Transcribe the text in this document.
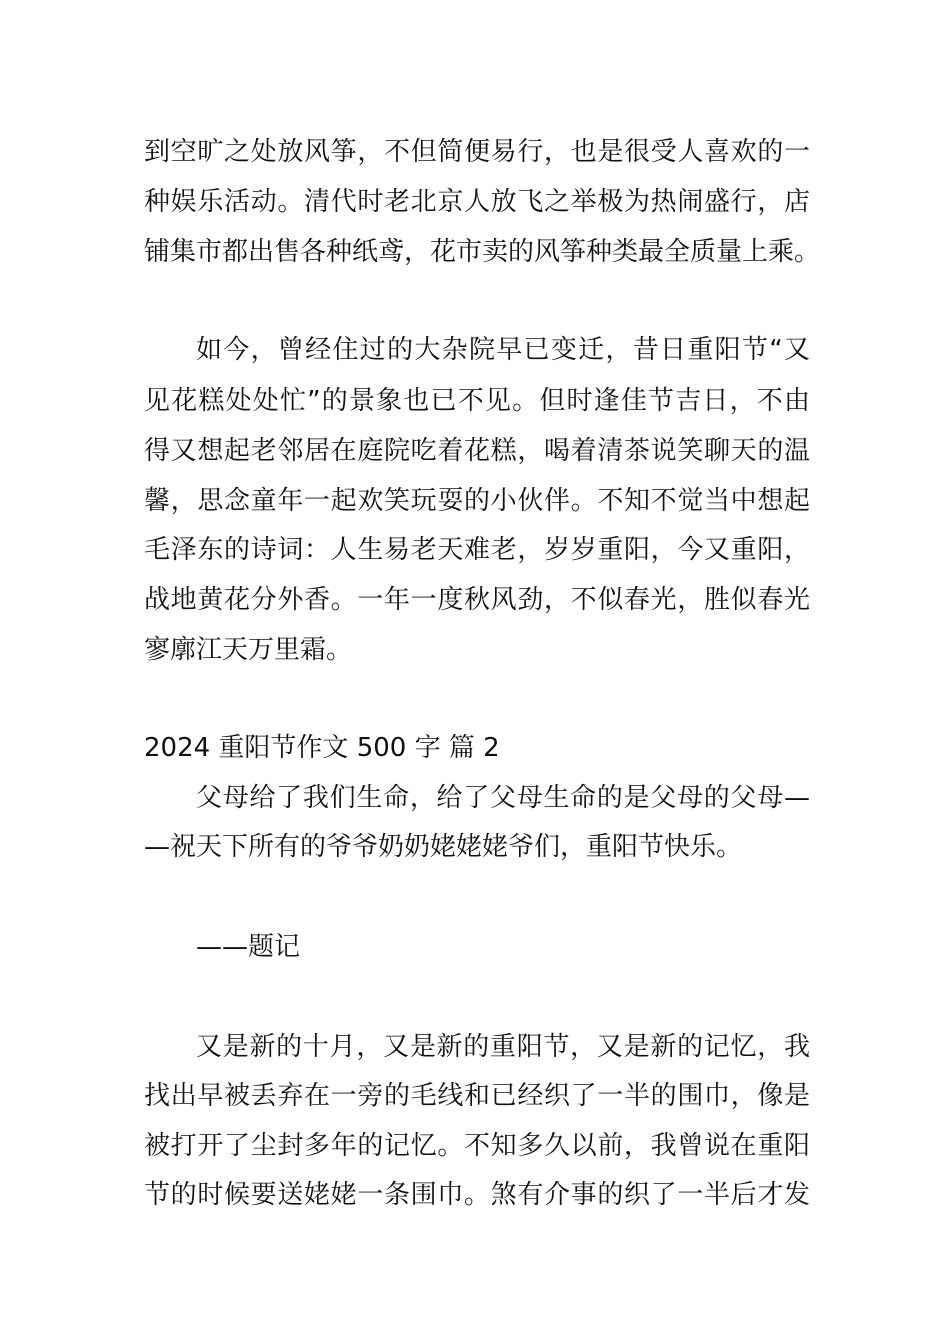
到空旷之处放风筝，不但简便易行，也是很受人喜欢的一
种娱乐活动。清代时老北京人放飞之举极为热闹盛行，店
铺集市都出售各种纸鸢，花市卖的风筝种类最全质量上乘。
如今，曾经住过的大杂院早已变迁，昔日重阳节“又
见花糕处处忙”的景象也已不见。但时逢佳节吉日，不由
得又想起老邻居在庭院吃着花糕，喝着清茶说笑聊天的温
馨，思念童年一起欢笑玩耍的小伙伴。不知不觉当中想起
毛泽东的诗词：人生易老天难老，岁岁重阳，今又重阳，
战地黄花分外香。一年一度秋风劲，不似春光，胜似春光
寥廓江天万里霜。
2024 重阳节作文 500 字 篇 2
父母给了我们生命，给了父母生命的是父母的父母—
—祝天下所有的爷爷奶奶姥姥姥爷们，重阳节快乐。
——题记
又是新的十月，又是新的重阳节，又是新的记忆，我
找出早被丢弃在一旁的毛线和已经织了一半的围巾，像是
被打开了尘封多年的记忆。不知多久以前，我曾说在重阳
节的时候要送姥姥一条围巾。煞有介事的织了一半后才发
